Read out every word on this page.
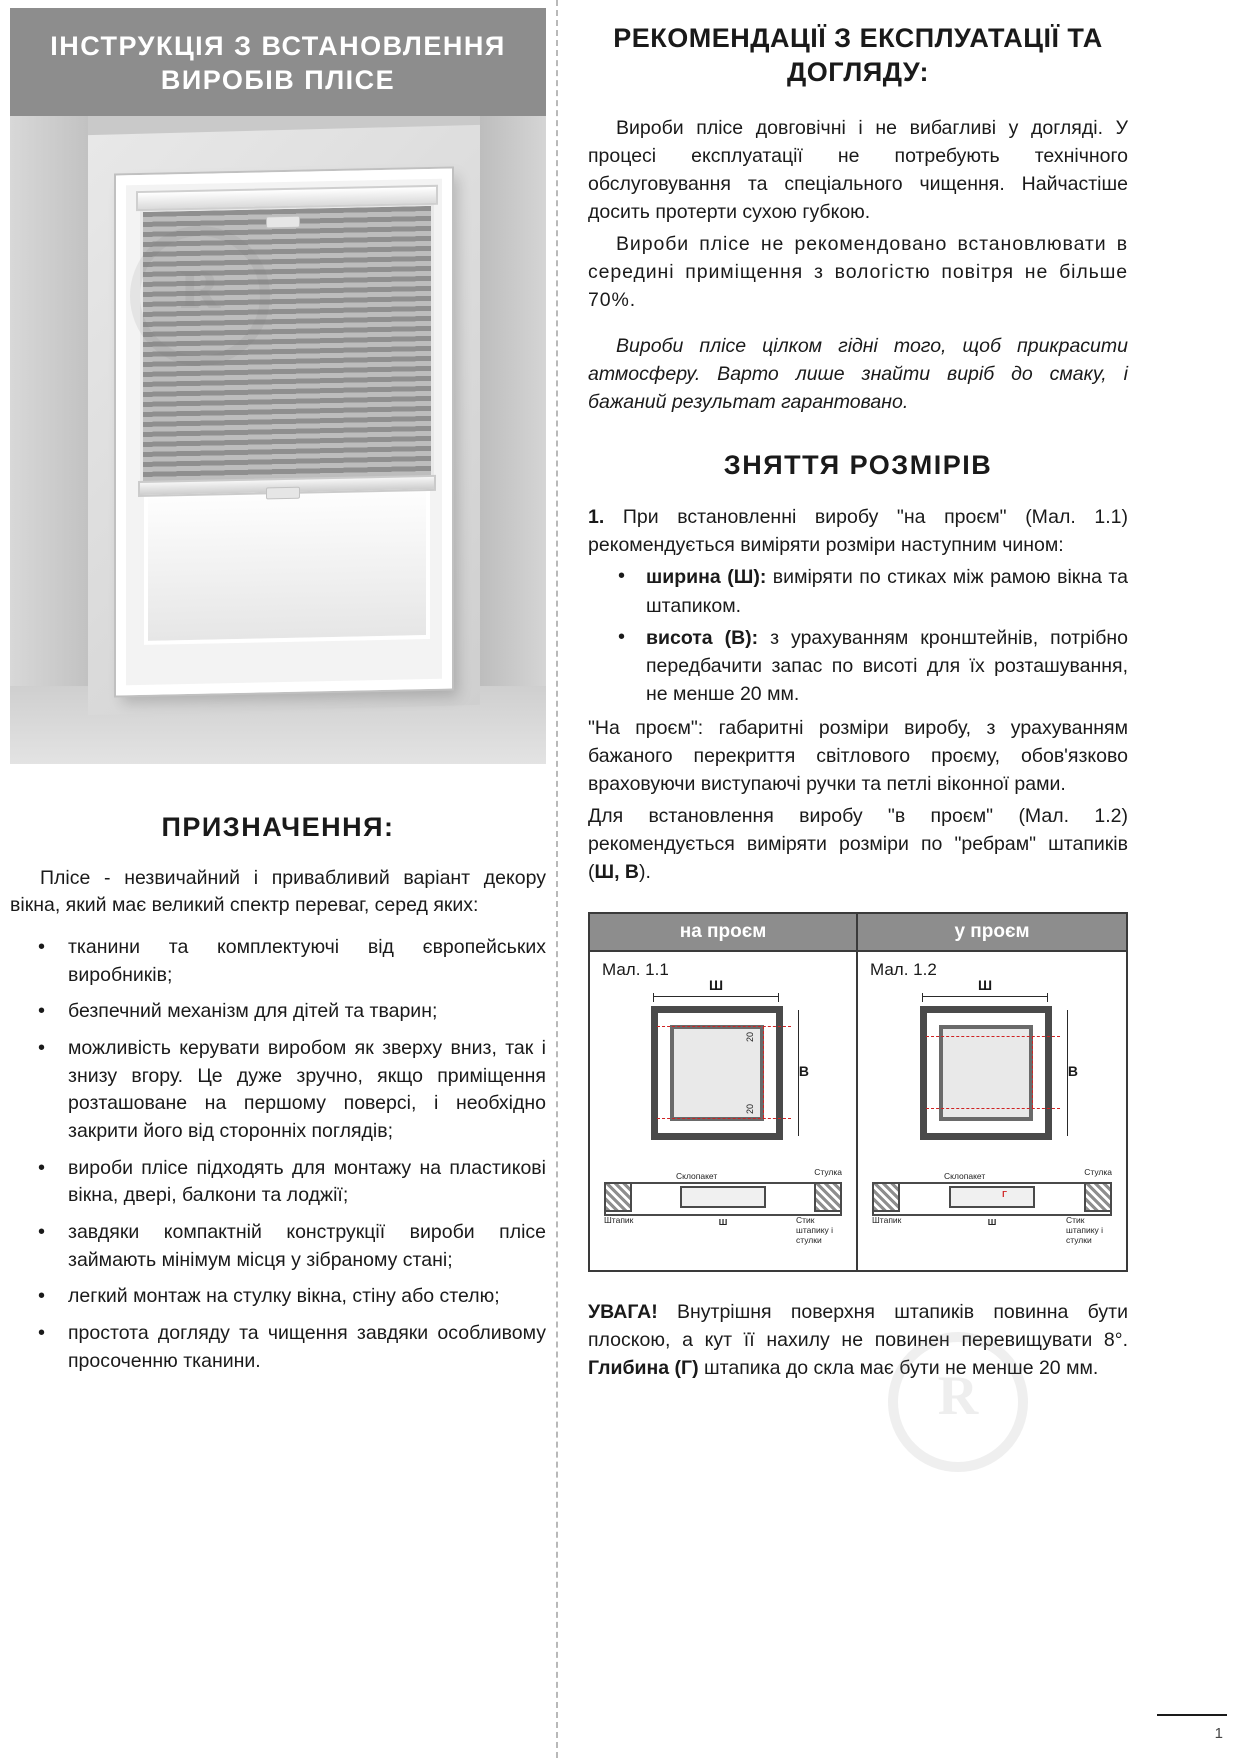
ІНСТРУКЦІЯ З ВСТАНОВЛЕННЯ ВИРОБІВ ПЛІСЕ
R
ПРИЗНАЧЕННЯ:

Плісе - незвичайний і привабливий варіант декору вікна, який має великий спектр переваг, серед яких:

• тканини та комплектуючі від європейських виробників;
• безпечний механізм для дітей та тварин;
• можливість керувати виробом як зверху вниз, так і знизу вгору. Це дуже зручно, якщо приміщення розташоване на першому поверсі, і необхідно закрити його від сторонніх поглядів;
• вироби плісе підходять для монтажу на пластикові вікна, двері, балкони та лоджії;
• завдяки компактній конструкції вироби плісе займають мінімум місця у зібраному стані;
• легкий монтаж на стулку вікна, стіну або стелю;
• простота догляду та чищення завдяки особливому просоченню тканини.
РЕКОМЕНДАЦІЇ З ЕКСПЛУАТАЦІЇ ТА ДОГЛЯДУ:

Вироби пліcе довговічні і не вибагливі у догляді. У процесі експлуатації не потребують технічного обслуговування та спеціального чищення. Найчастіше досить протерти сухою губкою.

Вироби пліcе не рекомендовано встановлювати в середині приміщення з вологістю повітря не більше 70%.

Вироби пліcе цілком гідні того, щоб прикрасити атмосферу. Варто лише знайти виріб до смаку, і бажаний результат гарантовано.

ЗНЯТТЯ РОЗМІРІВ

1. При встановленні виробу "на проєм" (Мал. 1.1) рекомендується виміряти розміри наступним чином:

• ширина (Ш): виміряти по стиках між рамою вікна та штапиком.
• висота (В): з урахуванням кронштейнів, потрібно передбачити запас по висоті для їх розташування, не менше 20 мм.

"На проєм": габаритні розміри виробу, з урахуванням бажаного перекриття світлового проєму, обов'язково враховуючи виступаючі ручки та петлі віконної рами.

Для встановлення виробу "в проєм" (Мал. 1.2) рекомендується виміряти розміри по "ребрам" штапиків (Ш, В).

на проєм
Мал. 1.1
Ш
20
20
В
Штапик
Склопакет	Стулка
Ш	Стик штапику і стулки
у проєм
Мал. 1.2
Ш
В
Штапик
Склопакет	Стулка
Ш	Стик штапику і стулки
Г

УВАГА! Внутрішня поверхня штапиків повинна бути плоскою, а кут її нахилу не повинен перевищувати 8°. Глибина (Г) штапика до скла має бути не менше 20 мм.

R
1
